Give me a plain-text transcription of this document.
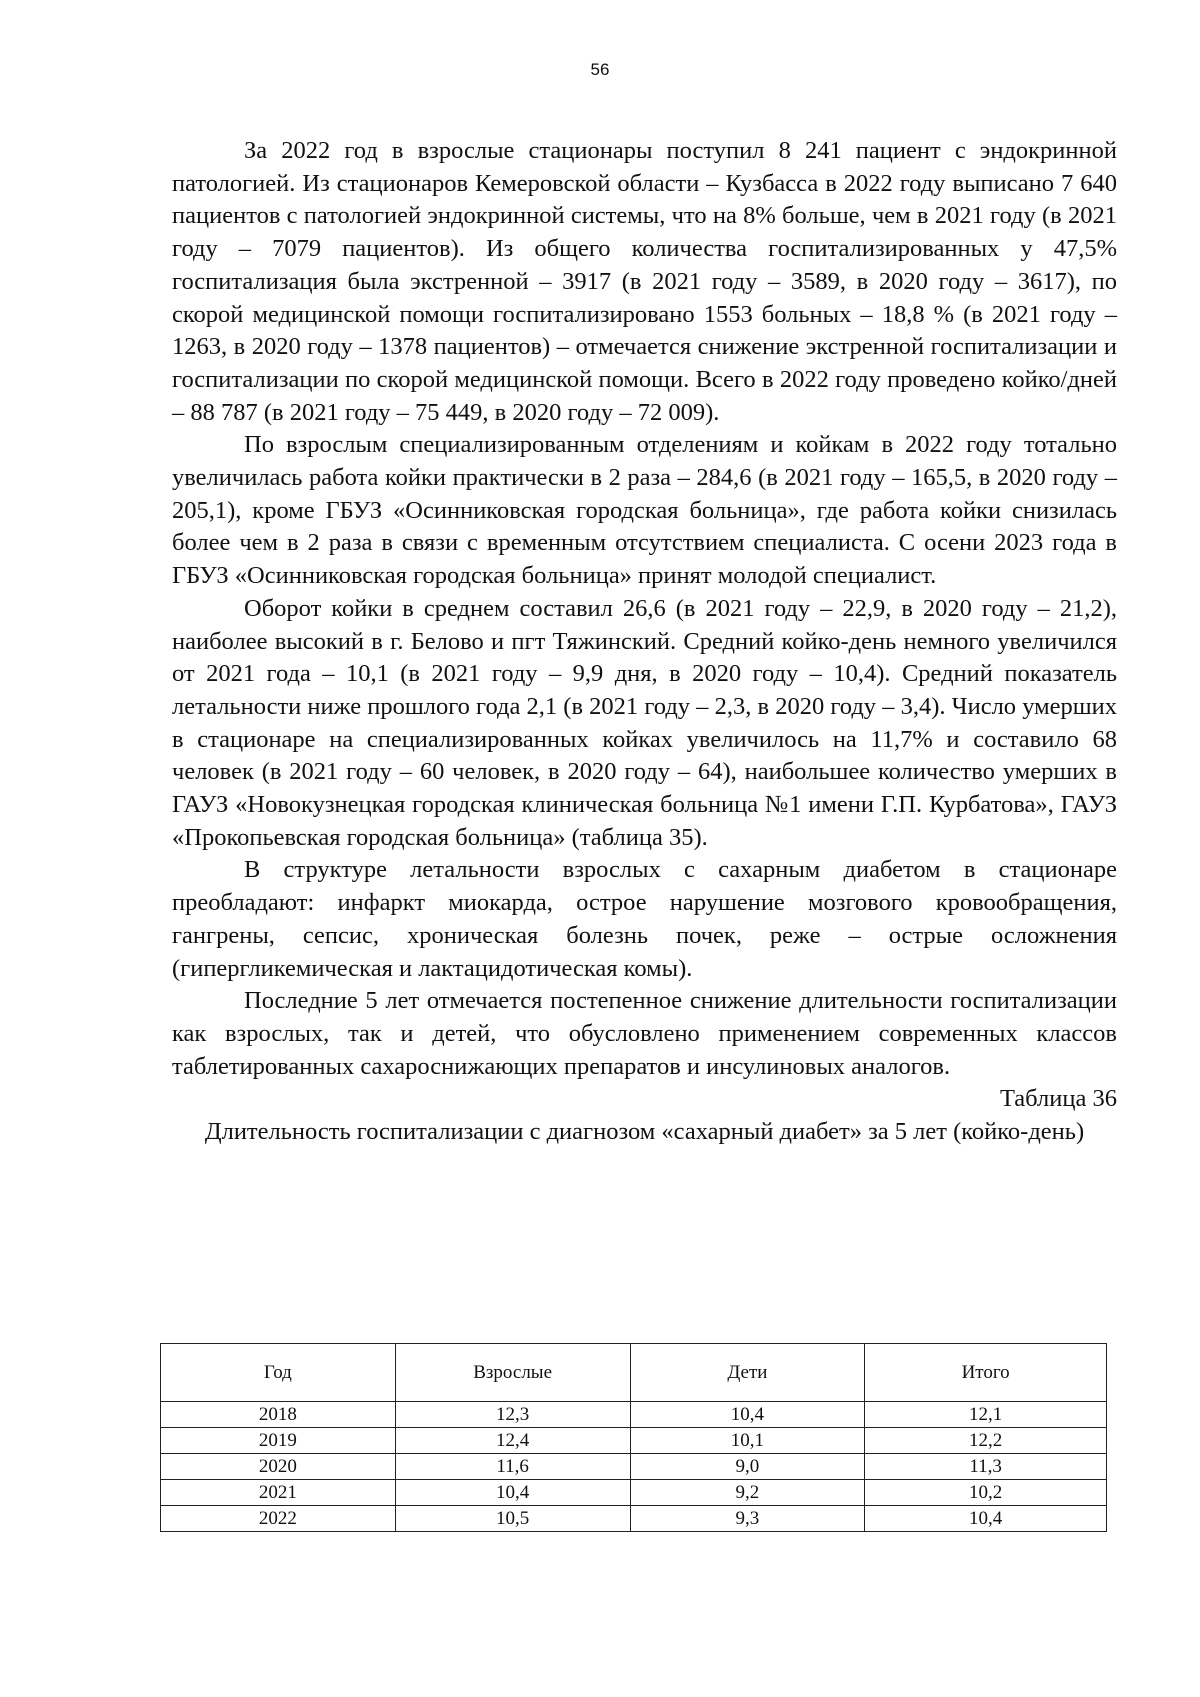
56

За 2022 год в взрослые стационары поступил 8 241 пациент с эндокринной патологией. Из стационаров Кемеровской области – Кузбасса в 2022 году выписано 7 640 пациентов с патологией эндокринной системы, что на 8% больше, чем в 2021 году (в 2021 году – 7079 пациентов). Из общего количества госпитализированных у 47,5% госпитализация была экстренной – 3917 (в 2021 году – 3589, в 2020 году – 3617), по скорой медицинской помощи госпитализировано 1553 больных – 18,8 % (в 2021 году – 1263, в 2020 году – 1378 пациентов) – отмечается снижение экстренной госпитализации и госпитализации по скорой медицинской помощи. Всего в 2022 году проведено койко/дней – 88 787 (в 2021 году – 75 449, в 2020 году – 72 009).

По взрослым специализированным отделениям и койкам в 2022 году тотально увеличилась работа койки практически в 2 раза – 284,6 (в 2021 году – 165,5, в 2020 году – 205,1), кроме ГБУЗ «Осинниковская городская больница», где работа койки снизилась более чем в 2 раза в связи с временным отсутствием специалиста. С осени 2023 года в ГБУЗ «Осинниковская городская больница» принят молодой специалист.

Оборот койки в среднем составил 26,6 (в 2021 году – 22,9, в 2020 году – 21,2), наиболее высокий в г. Белово и пгт Тяжинский. Средний койко-день немного увеличился от 2021 года – 10,1 (в 2021 году – 9,9 дня, в 2020 году – 10,4). Средний показатель летальности ниже прошлого года 2,1 (в 2021 году – 2,3, в 2020 году – 3,4). Число умерших в стационаре на специализированных койках увеличилось на 11,7% и составило 68 человек (в 2021 году – 60 человек, в 2020 году – 64), наибольшее количество умерших в ГАУЗ «Новокузнецкая городская клиническая больница №1 имени Г.П. Курбатова», ГАУЗ «Прокопьевская городская больница» (таблица 35).

В структуре летальности взрослых с сахарным диабетом в стационаре преобладают: инфаркт миокарда, острое нарушение мозгового кровообращения, гангрены, сепсис, хроническая болезнь почек, реже – острые осложнения (гипергликемическая и лактацидотическая комы).

Последние 5 лет отмечается постепенное снижение длительности госпитализации как взрослых, так и детей, что обусловлено применением современных классов таблетированных сахароснижающих препаратов и инсулиновых аналогов.

Таблица 36

Длительность госпитализации с диагнозом «сахарный диабет» за 5 лет (койко-день)

Год	Взрослые	Дети	Итого
2018	12,3	10,4	12,1
2019	12,4	10,1	12,2
2020	11,6	9,0	11,3
2021	10,4	9,2	10,2
2022	10,5	9,3	10,4
